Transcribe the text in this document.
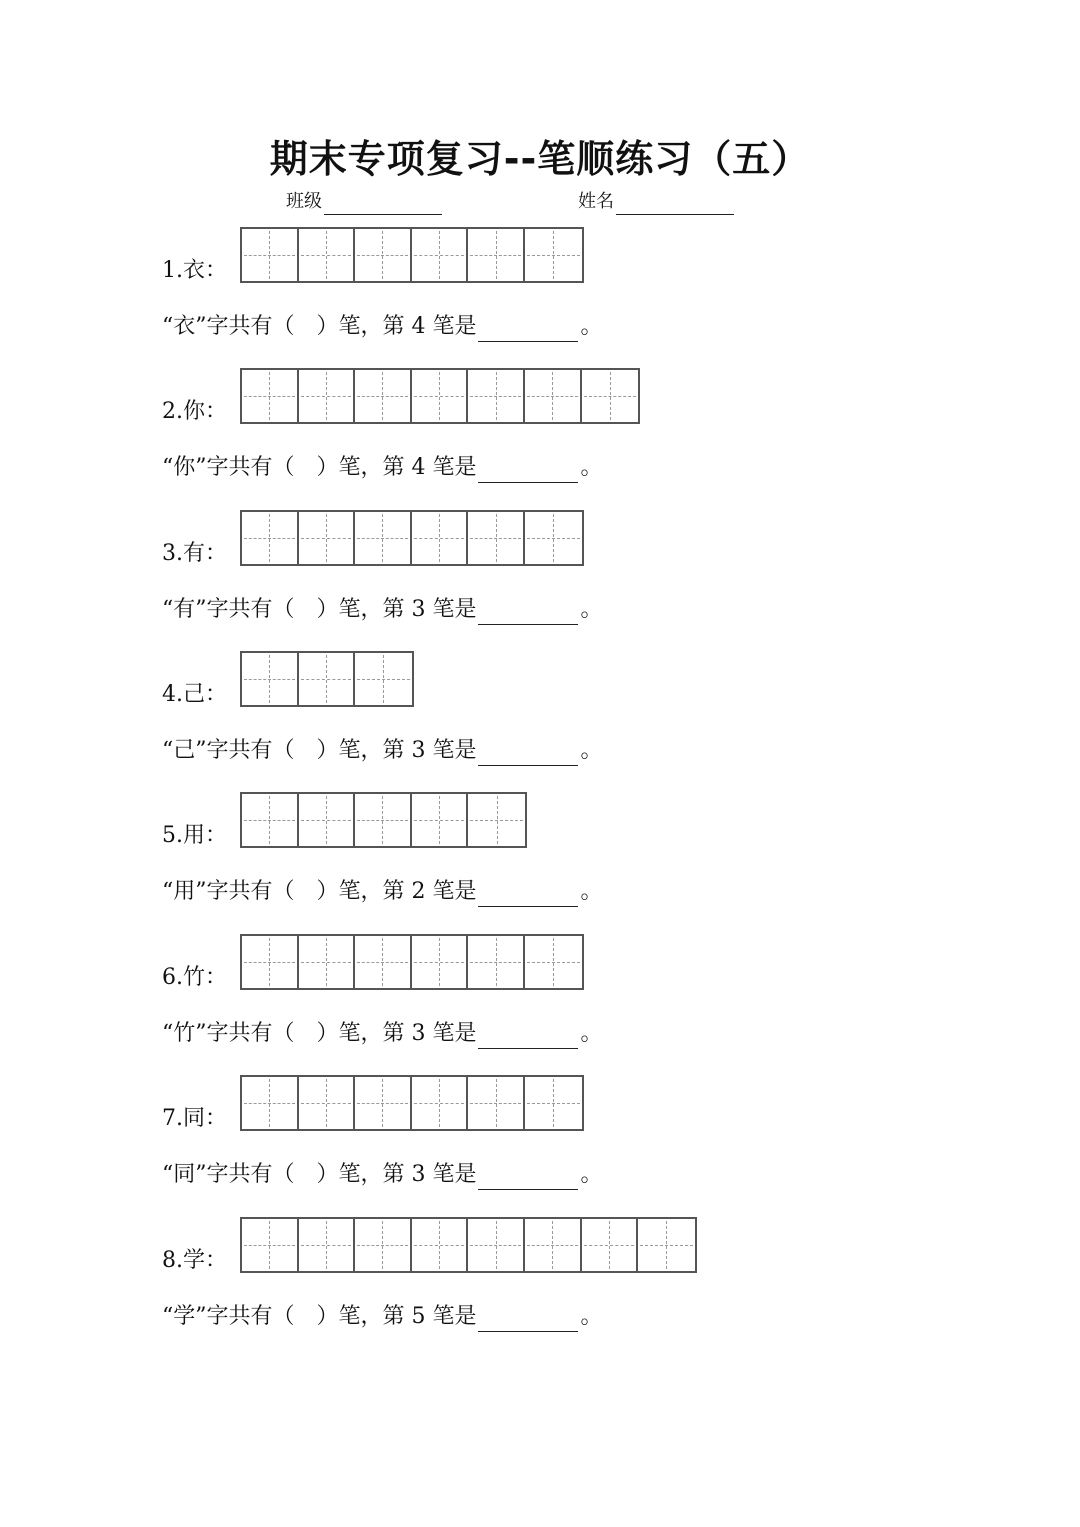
期末专项复习--笔顺练习（五）
班级	姓名
1.衣：
“衣”字共有（　）笔，第 4 笔是	。
2.你：
“你”字共有（　）笔，第 4 笔是	。
3.有：
“有”字共有（　）笔，第 3 笔是	。
4.己：
“己”字共有（　）笔，第 3 笔是	。
5.用：
“用”字共有（　）笔，第 2 笔是	。
6.竹：
“竹”字共有（　）笔，第 3 笔是	。
7.同：
“同”字共有（　）笔，第 3 笔是	。
8.学：
“学”字共有（　）笔，第 5 笔是	。
